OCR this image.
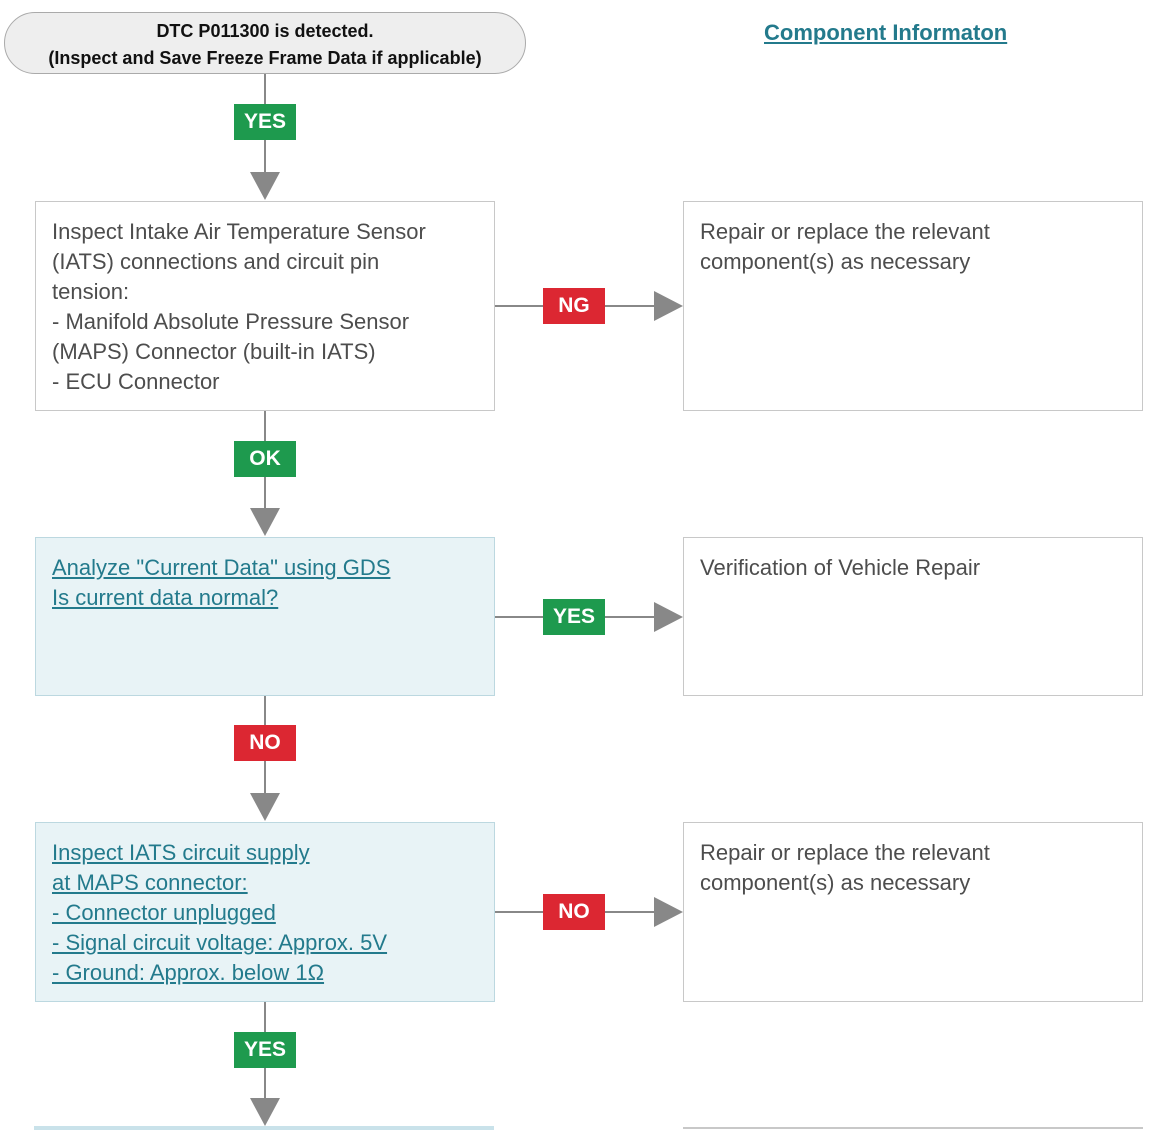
DTC P011300 is detected.
(Inspect and Save Freeze Frame Data if applicable)
Component Informaton
YES
Inspect Intake Air Temperature Sensor
(IATS) connections and circuit pin
tension:
- Manifold Absolute Pressure Sensor
(MAPS) Connector (built-in IATS)
- ECU Connector
NG
Repair or replace the relevant
component(s) as necessary
OK
Analyze "Current Data" using GDS
Is current data normal?
YES
Verification of Vehicle Repair
NO
Inspect IATS circuit supply
at MAPS connector:
- Connector unplugged
- Signal circuit voltage: Approx. 5V
- Ground: Approx. below 1Ω
NO
Repair or replace the relevant
component(s) as necessary
YES
